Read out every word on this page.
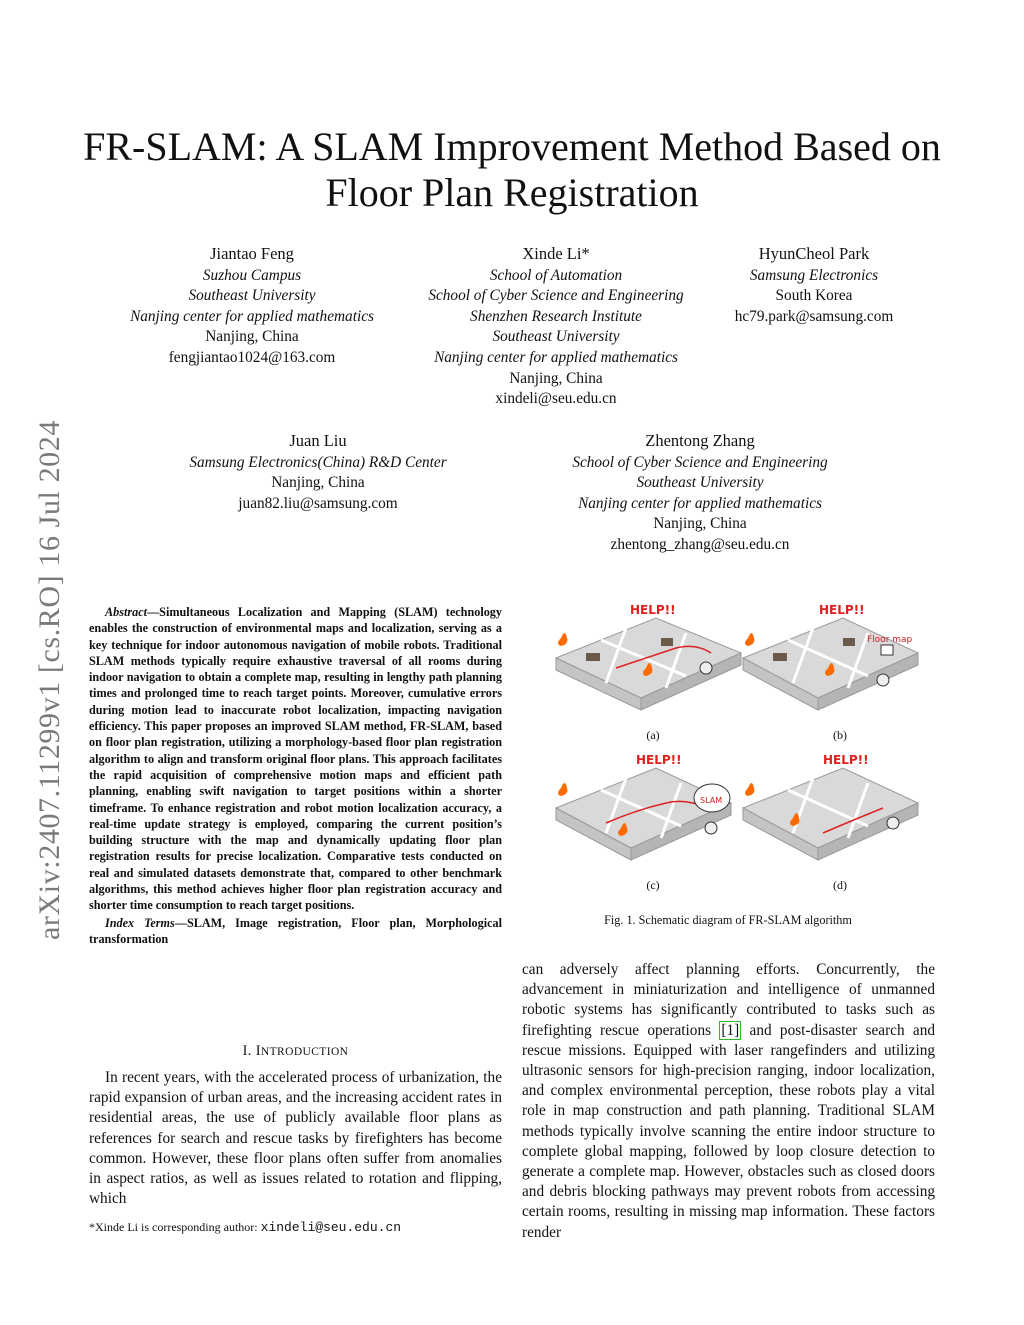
arXiv:2407.11299v1 [cs.RO] 16 Jul 2024
FR-SLAM: A SLAM Improvement Method Based on Floor Plan Registration
Jiantao Feng
Suzhou Campus
Southeast University
Nanjing center for applied mathematics
Nanjing, China
fengjiantao1024@163.com
Xinde Li*
School of Automation
School of Cyber Science and Engineering
Shenzhen Research Institute
Southeast University
Nanjing center for applied mathematics
Nanjing, China
xindeli@seu.edu.cn
HyunCheol Park
Samsung Electronics
South Korea
hc79.park@samsung.com
Juan Liu
Samsung Electronics(China) R&D Center
Nanjing, China
juan82.liu@samsung.com
Zhentong Zhang
School of Cyber Science and Engineering
Southeast University
Nanjing center for applied mathematics
Nanjing, China
zhentong_zhang@seu.edu.cn

Abstract—Simultaneous Localization and Mapping (SLAM) technology enables the construction of environmental maps and localization, serving as a key technique for indoor autonomous navigation of mobile robots. Traditional SLAM methods typically require exhaustive traversal of all rooms during indoor navigation to obtain a complete map, resulting in lengthy path planning times and prolonged time to reach target points. Moreover, cumulative errors during motion lead to inaccurate robot localization, impacting navigation efficiency. This paper proposes an improved SLAM method, FR-SLAM, based on floor plan registration, utilizing a morphology-based floor plan registration algorithm to align and transform original floor plans. This approach facilitates the rapid acquisition of comprehensive motion maps and efficient path planning, enabling swift navigation to target positions within a shorter timeframe. To enhance registration and robot motion localization accuracy, a real-time update strategy is employed, comparing the current position’s building structure with the map and dynamically updating floor plan registration results for precise localization. Comparative tests conducted on real and simulated datasets demonstrate that, compared to other benchmark algorithms, this method achieves higher floor plan registration accuracy and shorter time consumption to reach target positions.

Index Terms—SLAM, Image registration, Floor plan, Morphological transformation

I. INTRODUCTION

In recent years, with the accelerated process of urbanization, the rapid expansion of urban areas, and the increasing accident rates in residential areas, the use of publicly available floor plans as references for search and rescue tasks by firefighters has become common. However, these floor plans often suffer from anomalies in aspect ratios, as well as issues related to rotation and flipping, which

can adversely affect planning efforts. Concurrently, the advancement in miniaturization and intelligence of unmanned robotic systems has significantly contributed to tasks such as firefighting rescue operations [1] and post-disaster search and rescue missions. Equipped with laser rangefinders and utilizing ultrasonic sensors for high-precision ranging, indoor localization, and complex environmental perception, these robots play a vital role in map construction and path planning. Traditional SLAM methods typically involve scanning the entire indoor structure to complete global mapping, followed by loop closure detection to generate a complete map. However, obstacles such as closed doors and debris blocking pathways may prevent robots from accessing certain rooms, resulting in missing map information. These factors render

*Xinde Li is corresponding author: xindeli@seu.edu.cn
HELP!!
(a)
HELP!!
Floor map
(b)
HELP!!
SLAM
(c)
HELP!!
(d)
Fig. 1. Schematic diagram of FR-SLAM algorithm
